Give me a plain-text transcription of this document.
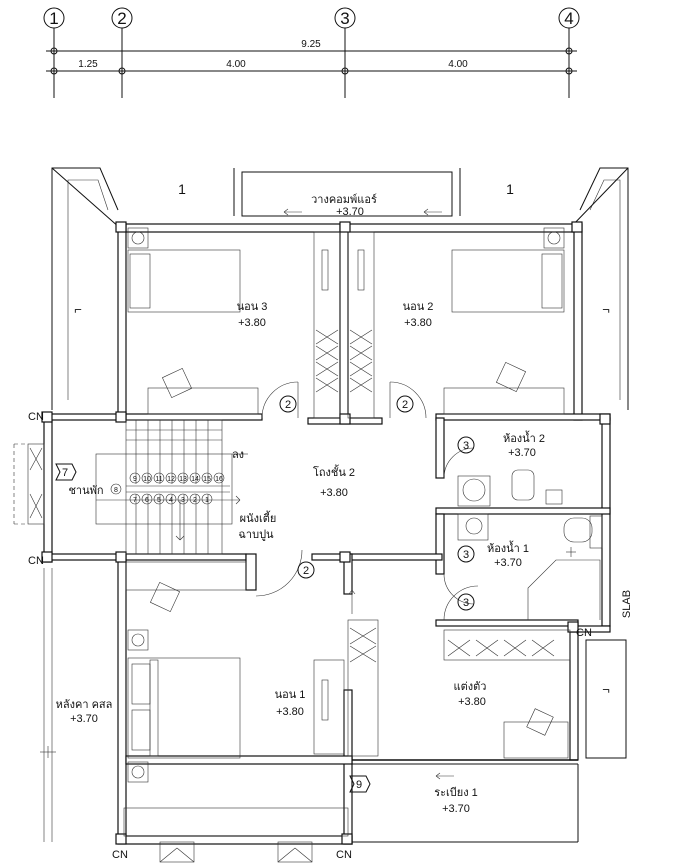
1	2	3	4
9.25
1.25	4.00	4.00
1	1
⌐	¬
¬
CN
CN
CN
CN	CN
9 10 11 12 13 14 15 16
7 6 5 4 3 2 1
8
2	2
2
3
3
3
7
9
วางคอมพ์แอร์
+3.70
นอน 3
+3.80
นอน 2
+3.80
โถงชั้น 2
+3.80
ห้องน้ำ 2
+3.70
ห้องน้ำ 1
+3.70
นอน 1
+3.80
แต่งตัว
+3.80
ระเบียง 1
+3.70
หลังคา คสล
+3.70
ชานพัก
ลง
ผนังเตี้ย
ฉาบปูน
SLAB
